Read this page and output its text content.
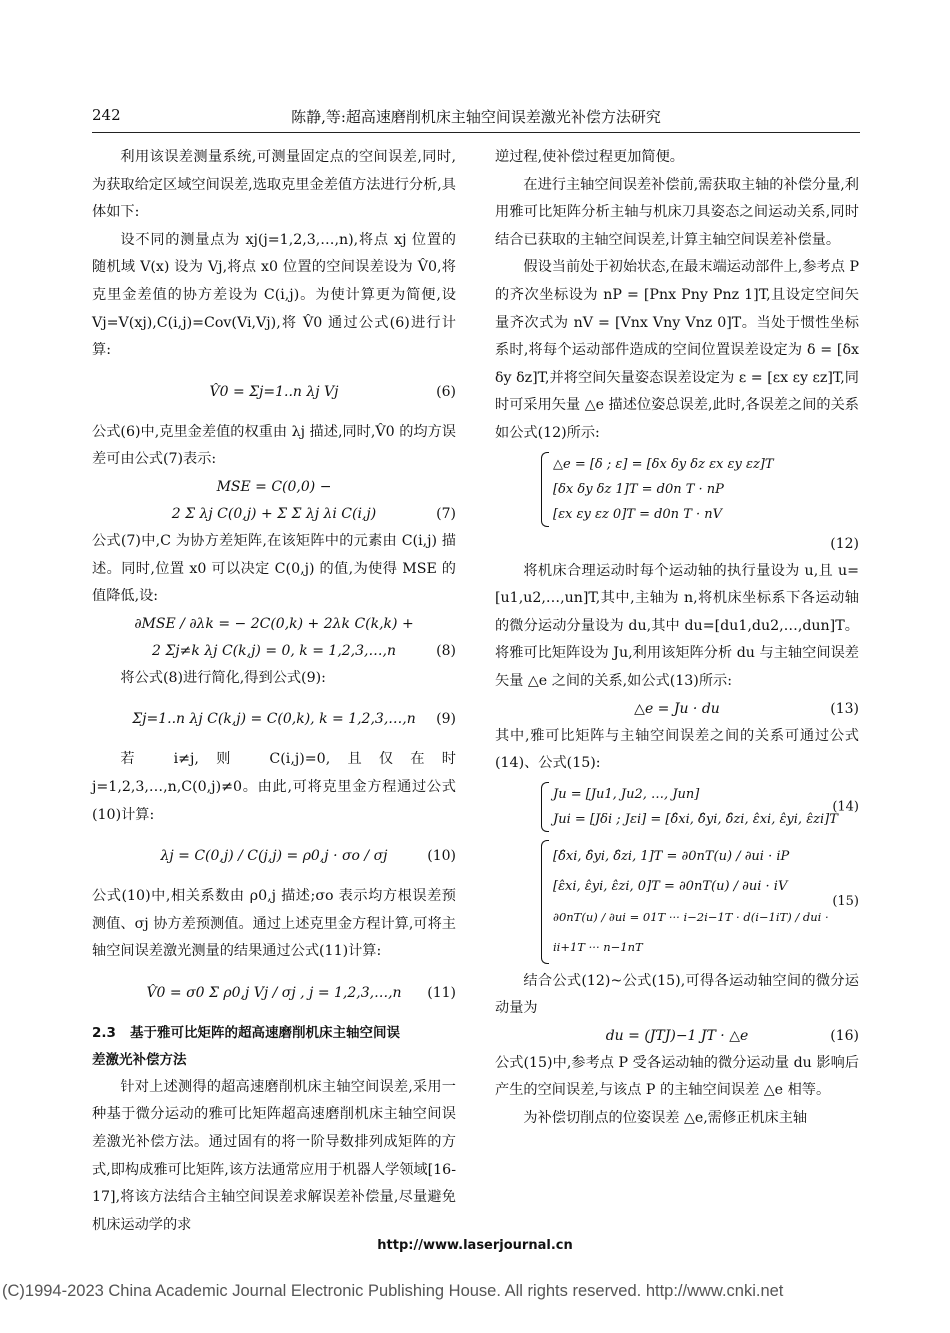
242	陈静,等:超高速磨削机床主轴空间误差激光补偿方法研究

利用该误差测量系统,可测量固定点的空间误差,同时,为获取给定区域空间误差,选取克里金差值方法进行分析,具体如下:

设不同的测量点为 xj(j=1,2,3,…,n),将点 xj 位置的随机域 V(x) 设为 Vj,将点 x0 位置的空间误差设为 V̂0,将克里金差值的协方差设为 C(i,j)。为使计算更为简便,设 Vj=V(xj),C(i,j)=Cov(Vi,Vj),将 V̂0 通过公式(6)进行计算:

V̂0 = Σj=1..n λj Vj	(6)

公式(6)中,克里金差值的权重由 λj 描述,同时,V̂0 的均方误差可由公式(7)表示:

MSE = C(0,0) −
2 Σ λj C(0,j) + Σ Σ λj λi C(i,j)	(7)

公式(7)中,C 为协方差矩阵,在该矩阵中的元素由 C(i,j) 描述。同时,位置 x0 可以决定 C(0,j) 的值,为使得 MSE 的值降低,设:

∂MSE / ∂λk = − 2C(0,k) + 2λk C(k,k) +
2 Σj≠k λj C(k,j) = 0, k = 1,2,3,…,n	(8)

将公式(8)进行简化,得到公式(9):

Σj=1..n λj C(k,j) = C(0,k), k = 1,2,3,…,n (9)

若 i≠j,则 C(i,j)=0,且仅在时 j=1,2,3,…,n,C(0,j)≠0。由此,可将克里金方程通过公式(10)计算:

λj = C(0,j) / C(j,j) = ρ0,j · σo / σj	(10)

公式(10)中,相关系数由 ρ0,j 描述;σo 表示均方根误差预测值、σj 协方差预测值。通过上述克里金方程计算,可将主轴空间误差激光测量的结果通过公式(11)计算:

V̂0 = σ0 Σ ρ0,j Vj / σj , j = 1,2,3,…,n (11)
2.3 基于雅可比矩阵的超高速磨削机床主轴空间误
差激光补偿方法

针对上述测得的超高速磨削机床主轴空间误差,采用一种基于微分运动的雅可比矩阵超高速磨削机床主轴空间误差激光补偿方法。通过固有的将一阶导数排列成矩阵的方式,即构成雅可比矩阵,该方法通常应用于机器人学领域[16-17],将该方法结合主轴空间误差求解误差补偿量,尽量避免机床运动学的求

逆过程,使补偿过程更加简便。

在进行主轴空间误差补偿前,需获取主轴的补偿分量,利用雅可比矩阵分析主轴与机床刀具姿态之间运动关系,同时结合已获取的主轴空间误差,计算主轴空间误差补偿量。

假设当前处于初始状态,在最末端运动部件上,参考点 P 的齐次坐标设为 nP = [Pnx Pny Pnz 1]T,且设定空间矢量齐次式为 nV = [Vnx Vny Vnz 0]T。当处于惯性坐标系时,将每个运动部件造成的空间位置误差设定为 δ = [δx δy δz]T,并将空间矢量姿态误差设定为 ε = [εx εy εz]T,同时可采用矢量 △e 描述位姿总误差,此时,各误差之间的关系如公式(12)所示:

△e = [δ ; ε] = [δx δy δz εx εy εz]T
[δx δy δz 1]T = d0n T · nP
[εx εy εz 0]T = d0n T · nV
(12)

将机床合理运动时每个运动轴的执行量设为 u,且 u=[u1,u2,…,un]T,其中,主轴为 n,将机床坐标系下各运动轴的微分运动分量设为 du,其中 du=[du1,du2,…,dun]T。将雅可比矩阵设为 Ju,利用该矩阵分析 du 与主轴空间误差矢量 △e 之间的关系,如公式(13)所示:

△e = Ju · du	(13)

其中,雅可比矩阵与主轴空间误差之间的关系可通过公式(14)、公式(15):

Ju = [Ju1, Ju2, …, Jun]
Jui = [Jδi ; Jεi] = [δ̂xi, δ̂yi, δ̂zi, ε̂xi, ε̂yi, ε̂zi]T
(14)
[δ̂xi, δ̂yi, δ̂zi, 1]T = ∂0nT(u) / ∂ui · iP
[ε̂xi, ε̂yi, ε̂zi, 0]T = ∂0nT(u) / ∂ui · iV
∂0nT(u) / ∂ui = 01T ··· i−2i−1T · d(i−1iT) / dui · ii+1T ··· n−1nT
(15)

结合公式(12)~公式(15),可得各运动轴空间的微分运动量为

du = (JTJ)−1 JT · △e	(16)

公式(15)中,参考点 P 受各运动轴的微分运动量 du 影响后产生的空间误差,与该点 P 的主轴空间误差 △e 相等。

为补偿切削点的位姿误差 △e,需修正机床主轴

http://www.laserjournal.cn
(C)1994-2023 China Academic Journal Electronic Publishing House. All rights reserved. http://www.cnki.net
